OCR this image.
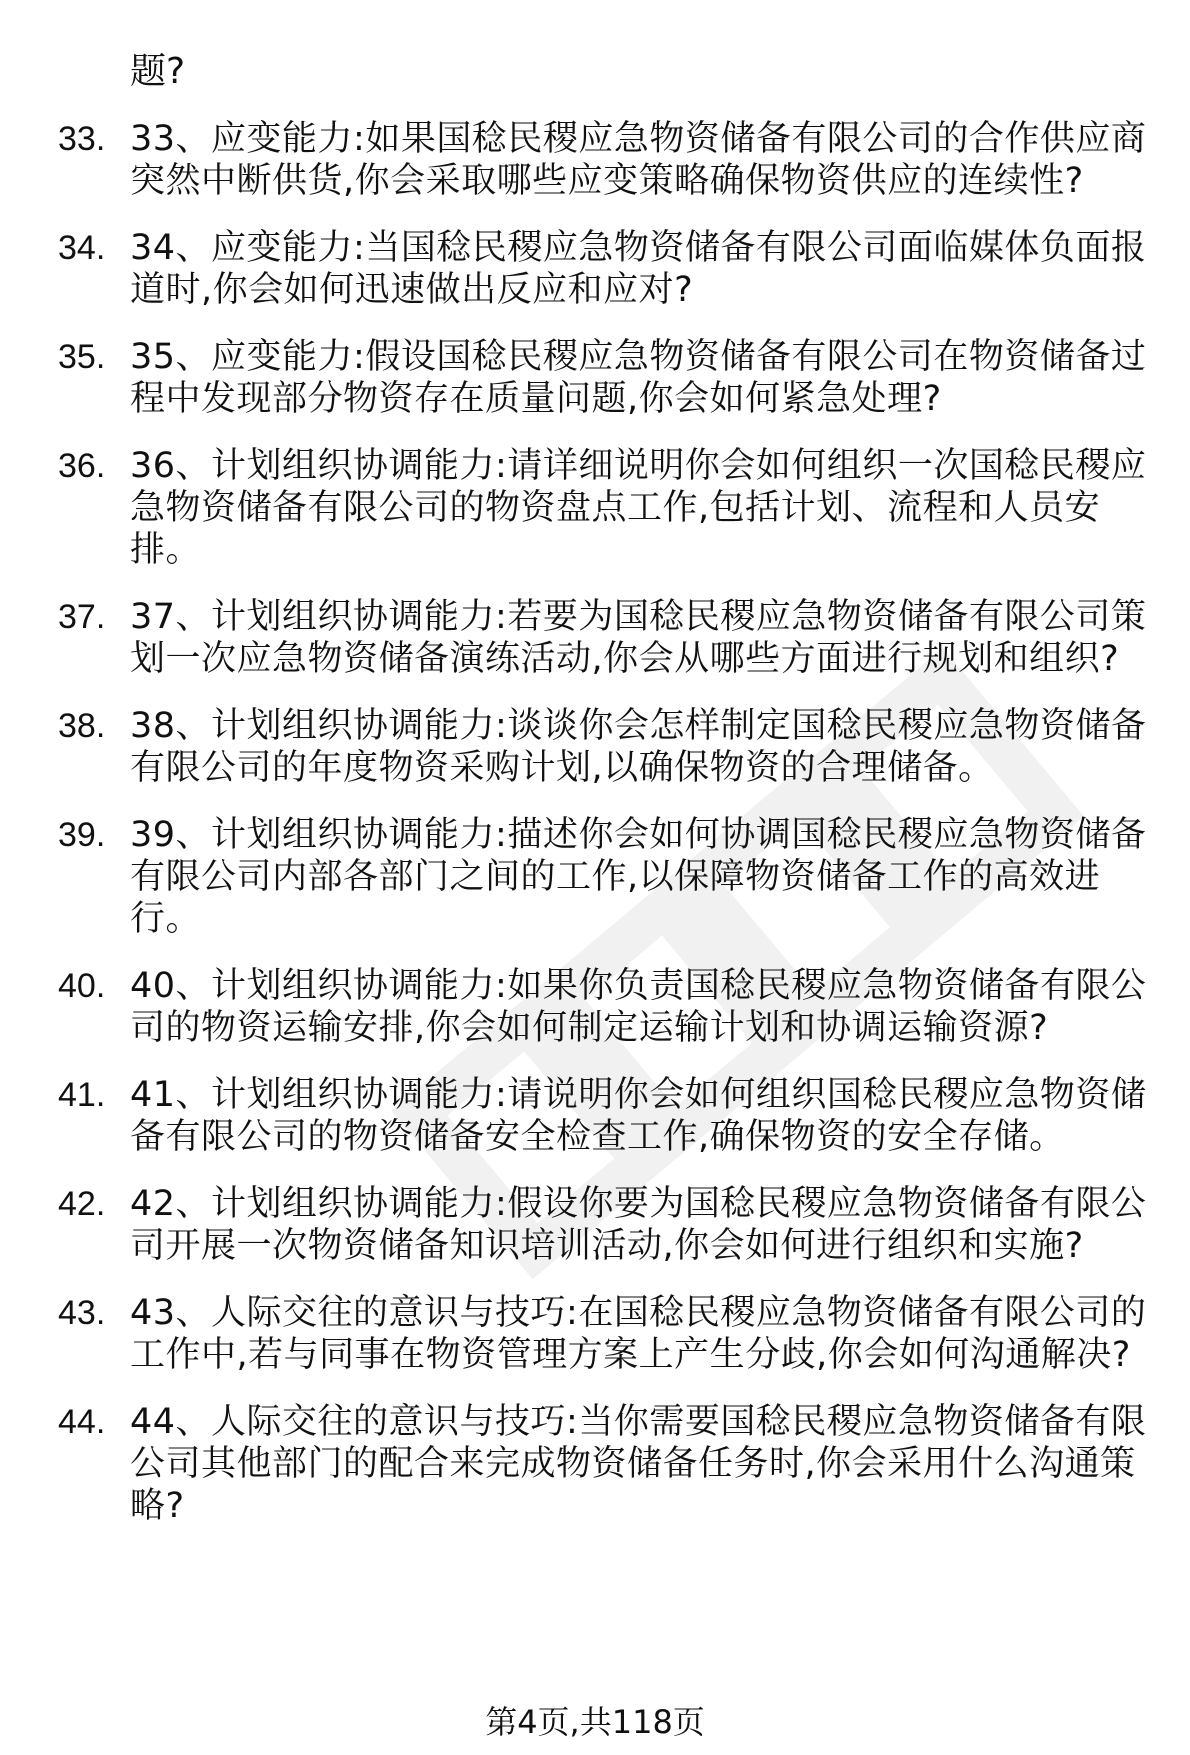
题?
33. 33、应变能力:如果国稔民稷应急物资储备有限公司的合作供应商突然中断供货,你会采取哪些应变策略确保物资供应的连续性?
34. 34、应变能力:当国稔民稷应急物资储备有限公司面临媒体负面报道时,你会如何迅速做出反应和应对?
35. 35、应变能力:假设国稔民稷应急物资储备有限公司在物资储备过程中发现部分物资存在质量问题,你会如何紧急处理?
36. 36、计划组织协调能力:请详细说明你会如何组织一次国稔民稷应急物资储备有限公司的物资盘点工作,包括计划、流程和人员安排。
37. 37、计划组织协调能力:若要为国稔民稷应急物资储备有限公司策划一次应急物资储备演练活动,你会从哪些方面进行规划和组织?
38. 38、计划组织协调能力:谈谈你会怎样制定国稔民稷应急物资储备有限公司的年度物资采购计划,以确保物资的合理储备。
39. 39、计划组织协调能力:描述你会如何协调国稔民稷应急物资储备有限公司内部各部门之间的工作,以保障物资储备工作的高效进行。
40. 40、计划组织协调能力:如果你负责国稔民稷应急物资储备有限公司的物资运输安排,你会如何制定运输计划和协调运输资源?
41. 41、计划组织协调能力:请说明你会如何组织国稔民稷应急物资储备有限公司的物资储备安全检查工作,确保物资的安全存储。
42. 42、计划组织协调能力:假设你要为国稔民稷应急物资储备有限公司开展一次物资储备知识培训活动,你会如何进行组织和实施?
43. 43、人际交往的意识与技巧:在国稔民稷应急物资储备有限公司的工作中,若与同事在物资管理方案上产生分歧,你会如何沟通解决?
44. 44、人际交往的意识与技巧:当你需要国稔民稷应急物资储备有限公司其他部门的配合来完成物资储备任务时,你会采用什么沟通策略?
第4页,共118页
